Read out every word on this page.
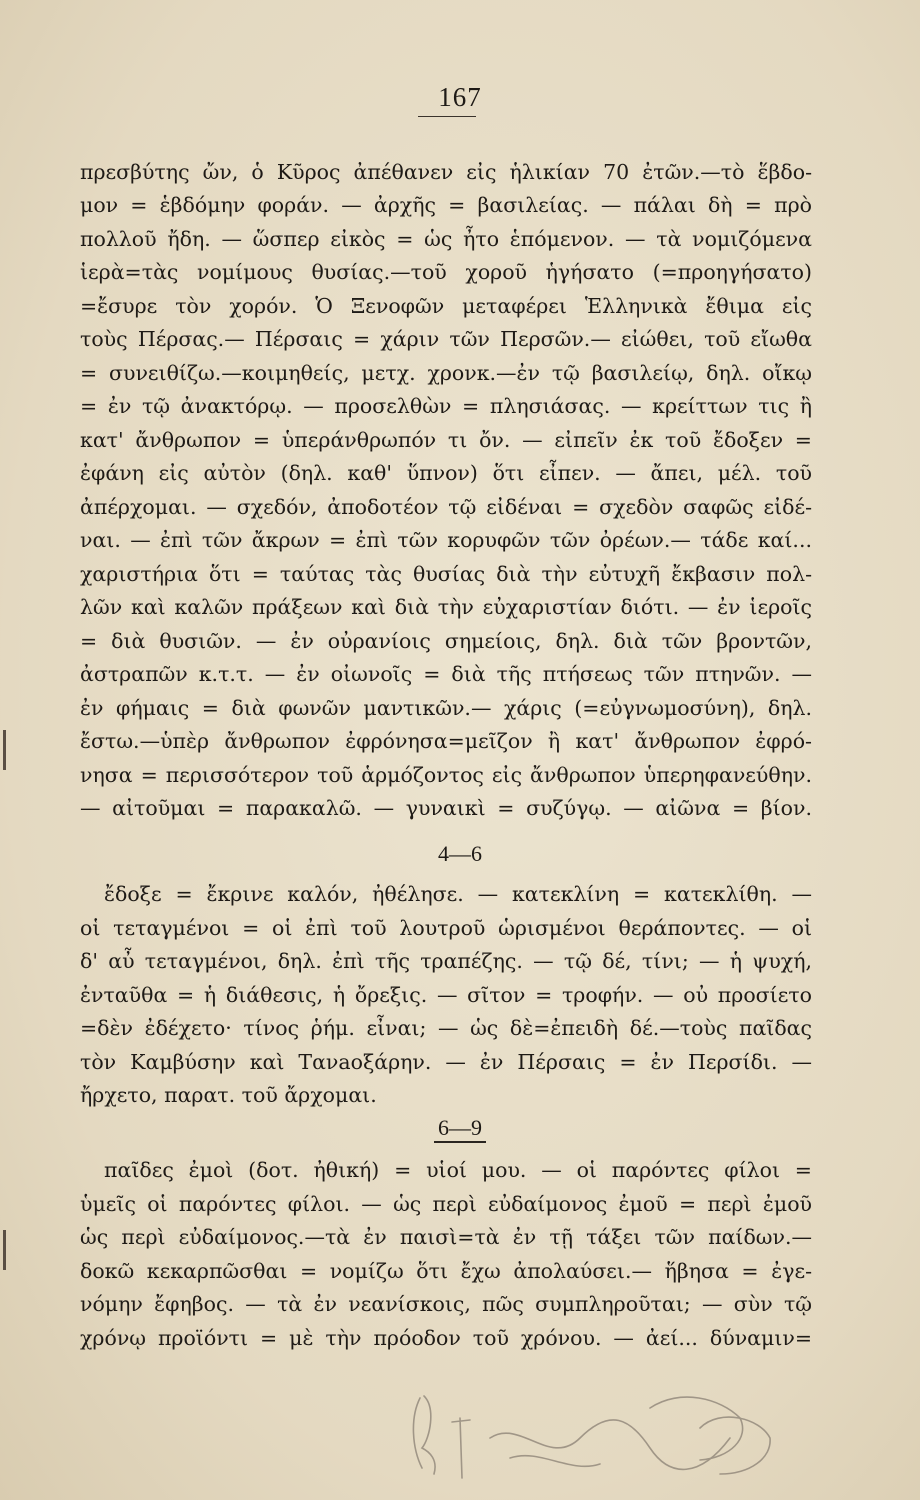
167
πρεσβύτης ὤν, ὁ Κῦρος ἀπέθανεν εἰς ἡλικίαν 70 ἐτῶν.—τὸ ἕβδο-
μον = ἑβδόμην φοράν. — ἀρχῆς = βασιλείας. — πάλαι δὴ = πρὸ
πολλοῦ ἤδη. — ὥσπερ εἰκὸς = ὡς ἦτο ἑπόμενον. — τὰ νομιζόμενα
ἱερὰ=τὰς νομίμους θυσίας.—τοῦ χοροῦ ἡγήσατο (=προηγήσατο)
=ἔσυρε τὸν χορόν. Ὁ Ξενοφῶν μεταφέρει Ἑλληνικὰ ἔθιμα εἰς
τοὺς Πέρσας.— Πέρσαις = χάριν τῶν Περσῶν.— εἰώθει, τοῦ εἴωθα
= συνειθίζω.—κοιμηθείς, μετχ. χρονκ.—ἐν τῷ βασιλείῳ, δηλ. οἴκῳ
= ἐν τῷ ἀνακτόρῳ. — προσελθὼν = πλησιάσας. — κρείττων τις ἢ
κατ' ἄνθρωπον = ὑπεράνθρωπόν τι ὄν. — εἰπεῖν ἐκ τοῦ ἔδοξεν =
ἐφάνη εἰς αὐτὸν (δηλ. καθ' ὕπνον) ὅτι εἶπεν. — ἄπει, μέλ. τοῦ
ἀπέρχομαι. — σχεδόν, ἀποδοτέον τῷ εἰδέναι = σχεδὸν σαφῶς εἰδέ-
ναι. — ἐπὶ τῶν ἄκρων = ἐπὶ τῶν κορυφῶν τῶν ὀρέων.— τάδε καί...
χαριστήρια ὅτι = ταύτας τὰς θυσίας διὰ τὴν εὐτυχῆ ἔκβασιν πολ-
λῶν καὶ καλῶν πράξεων καὶ διὰ τὴν εὐχαριστίαν διότι. — ἐν ἱεροῖς
= διὰ θυσιῶν. — ἐν οὐρανίοις σημείοις, δηλ. διὰ τῶν βροντῶν,
ἀστραπῶν κ.τ.τ. — ἐν οἰωνοῖς = διὰ τῆς πτήσεως τῶν πτηνῶν. —
ἐν φήμαις = διὰ φωνῶν μαντικῶν.— χάρις (=εὐγνωμοσύνη), δηλ.
ἔστω.—ὑπὲρ ἄνθρωπον ἐφρόνησα=μεῖζον ἢ κατ' ἄνθρωπον ἐφρό-
νησα = περισσότερον τοῦ ἁρμόζοντος εἰς ἄνθρωπον ὑπερηφανεύθην.
— αἰτοῦμαι = παρακαλῶ. — γυναικὶ = συζύγῳ. — αἰῶνα = βίον.
4—6
ἔδοξε = ἔκρινε καλόν, ἠθέλησε. — κατεκλίνη = κατεκλίθη. —
οἱ τεταγμένοι = οἱ ἐπὶ τοῦ λουτροῦ ὡρισμένοι θεράποντες. — οἱ
δ' αὖ τεταγμένοι, δηλ. ἐπὶ τῆς τραπέζης. — τῷ δέ, τίνι; — ἡ ψυχή,
ἐνταῦθα = ἡ διάθεσις, ἡ ὄρεξις. — σῖτον = τροφήν. — οὐ προσίετο
=δὲν ἐδέχετο· τίνος ῥήμ. εἶναι; — ὡς δὲ=ἐπειδὴ δέ.—τοὺς παῖδας
τὸν Καμβύσην καὶ Τανaοξάρην. — ἐν Πέρσαις = ἐν Περσίδι. —
ἤρχετο, παρατ. τοῦ ἄρχομαι.
6—9
παῖδες ἐμοὶ (δοτ. ἠθική) = υἱοί μου. — οἱ παρόντες φίλοι =
ὑμεῖς οἱ παρόντες φίλοι. — ὡς περὶ εὐδαίμονος ἐμοῦ = περὶ ἐμοῦ
ὡς περὶ εὐδαίμονος.—τὰ ἐν παισὶ=τὰ ἐν τῇ τάξει τῶν παίδων.—
δοκῶ κεκαρπῶσθαι = νομίζω ὅτι ἔχω ἀπολαύσει.— ἥβησα = ἐγε-
νόμην ἔφηβος. — τὰ ἐν νεανίσκοις, πῶς συμπληροῦται; — σὺν τῷ
χρόνῳ προϊόντι = μὲ τὴν πρόοδον τοῦ χρόνου. — ἀεί... δύναμιν=
